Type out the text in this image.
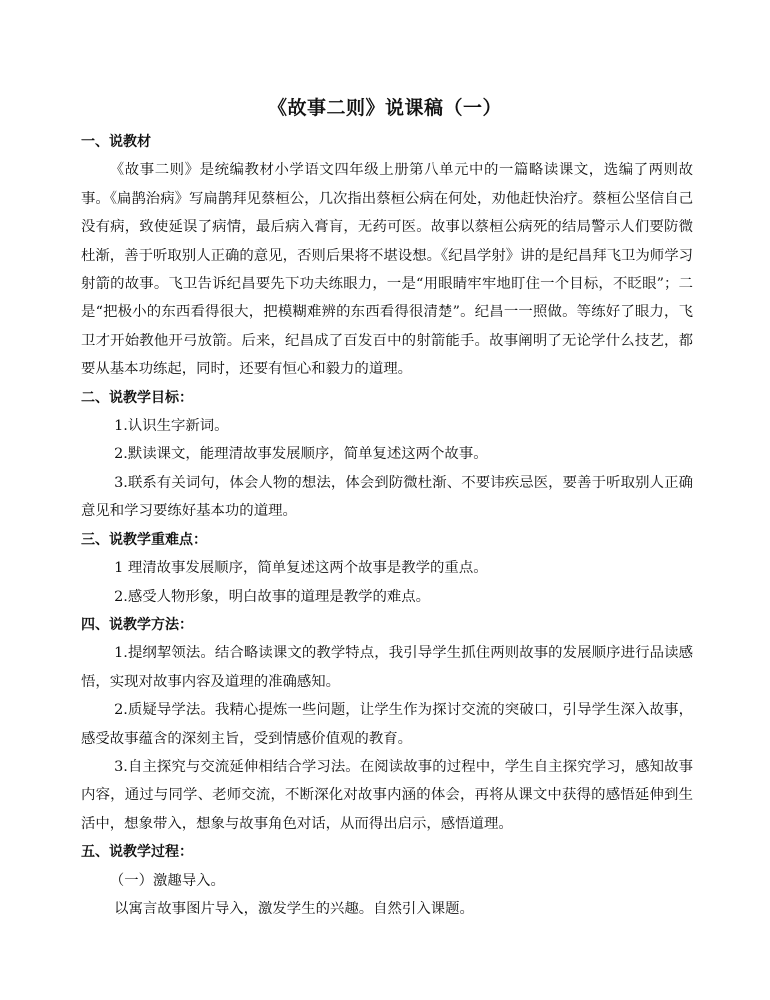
《故事二则》说课稿（一）

一、说教材

《故事二则》是统编教材小学语文四年级上册第八单元中的一篇略读课文，选编了两则故事。《扁鹊治病》写扁鹊拜见蔡桓公，几次指出蔡桓公病在何处，劝他赶快治疗。蔡桓公坚信自己没有病，致使延误了病情，最后病入膏肓，无药可医。故事以蔡桓公病死的结局警示人们要防微杜渐，善于听取别人正确的意见，否则后果将不堪设想。《纪昌学射》讲的是纪昌拜飞卫为师学习射箭的故事。飞卫告诉纪昌要先下功夫练眼力，一是“用眼睛牢牢地盯住一个目标，不眨眼”；二是“把极小的东西看得很大，把模糊难辨的东西看得很清楚”。纪昌一一照做。等练好了眼力，飞卫才开始教他开弓放箭。后来，纪昌成了百发百中的射箭能手。故事阐明了无论学什么技艺，都要从基本功练起，同时，还要有恒心和毅力的道理。

二、说教学目标：

1.认识生字新词。

2.默读课文，能理清故事发展顺序，简单复述这两个故事。

3.联系有关词句，体会人物的想法，体会到防微杜渐、不要讳疾忌医，要善于听取别人正确意见和学习要练好基本功的道理。

三、说教学重难点：

1 理清故事发展顺序，简单复述这两个故事是教学的重点。

2.感受人物形象，明白故事的道理是教学的难点。

四、说教学方法：

1.提纲挈领法。结合略读课文的教学特点，我引导学生抓住两则故事的发展顺序进行品读感悟，实现对故事内容及道理的准确感知。

2.质疑导学法。我精心提炼一些问题，让学生作为探讨交流的突破口，引导学生深入故事，感受故事蕴含的深刻主旨，受到情感价值观的教育。

3.自主探究与交流延伸相结合学习法。在阅读故事的过程中，学生自主探究学习，感知故事内容，通过与同学、老师交流，不断深化对故事内涵的体会，再将从课文中获得的感悟延伸到生活中，想象带入，想象与故事角色对话，从而得出启示，感悟道理。

五、说教学过程：

（一）激趣导入。

以寓言故事图片导入，激发学生的兴趣。自然引入课题。
